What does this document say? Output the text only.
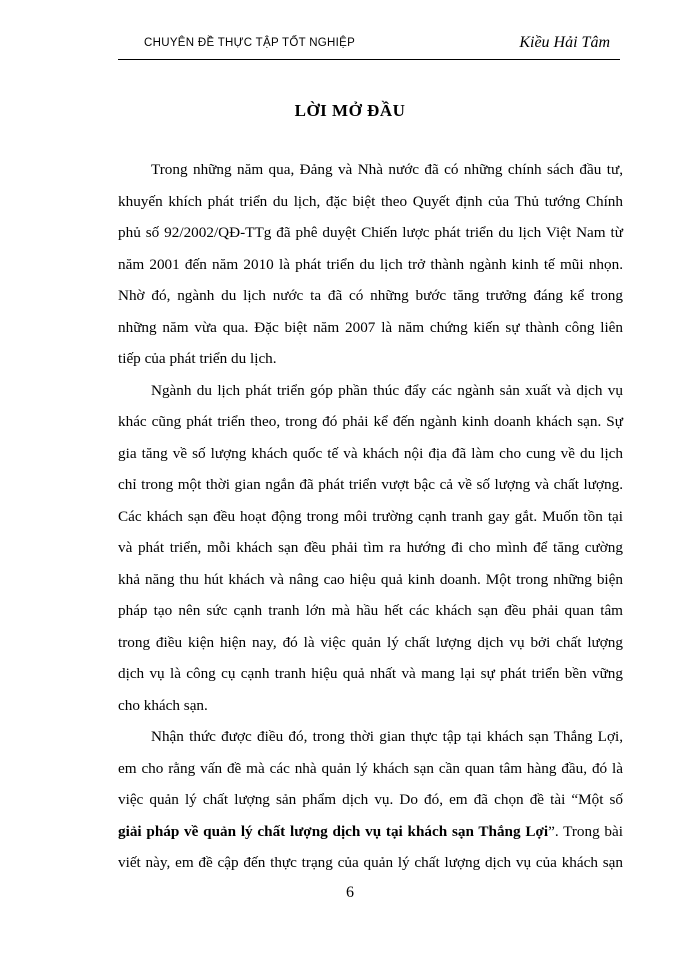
CHUYÊN ĐỀ THỰC TẬP TỐT NGHIỆP	Kiều Hải Tâm
LỜI MỞ ĐẦU
Trong những năm qua, Đảng và Nhà nước đã có những chính sách đầu tư,
khuyến khích phát triển du lịch, đặc biệt theo Quyết định của Thủ tướng Chính
phủ số 92/2002/QĐ-TTg đã phê duyệt Chiến lược phát triển du lịch Việt Nam từ
năm 2001 đến năm 2010 là phát triển du lịch trở thành ngành kinh tế mũi nhọn.
Nhờ đó, ngành du lịch nước ta đã có những bước tăng trưởng đáng kể trong
những năm vừa qua. Đặc biệt năm 2007 là năm chứng kiến sự thành công liên
tiếp của phát triển du lịch.
Ngành du lịch phát triển góp phần thúc đẩy các ngành sản xuất và dịch vụ
khác cũng phát triển theo, trong đó phải kể đến ngành kinh doanh khách sạn. Sự
gia tăng về số lượng khách quốc tế và khách nội địa đã làm cho cung về du lịch
chỉ trong một thời gian ngắn đã phát triển vượt bậc cả về số lượng và chất lượng.
Các khách sạn đều hoạt động trong môi trường cạnh tranh gay gắt. Muốn tồn tại
và phát triển, mỗi khách sạn đều phải tìm ra hướng đi cho mình để tăng cường
khả năng thu hút khách và nâng cao hiệu quả kinh doanh. Một trong những biện
pháp tạo nên sức cạnh tranh lớn mà hầu hết các khách sạn đều phải quan tâm
trong điều kiện hiện nay, đó là việc quản lý chất lượng dịch vụ bởi chất lượng
dịch vụ là công cụ cạnh tranh hiệu quả nhất và mang lại sự phát triển bền vững
cho khách sạn.
Nhận thức được điều đó, trong thời gian thực tập tại khách sạn Thắng Lợi,
em cho rằng vấn đề mà các nhà quản lý khách sạn cần quan tâm hàng đầu, đó là
việc quản lý chất lượng sản phẩm dịch vụ. Do đó, em đã chọn đề tài “Một số
giải pháp về quản lý chất lượng dịch vụ tại khách sạn Thắng Lợi”. Trong bài
viết này, em đề cập đến thực trạng của quản lý chất lượng dịch vụ của khách sạn
6
